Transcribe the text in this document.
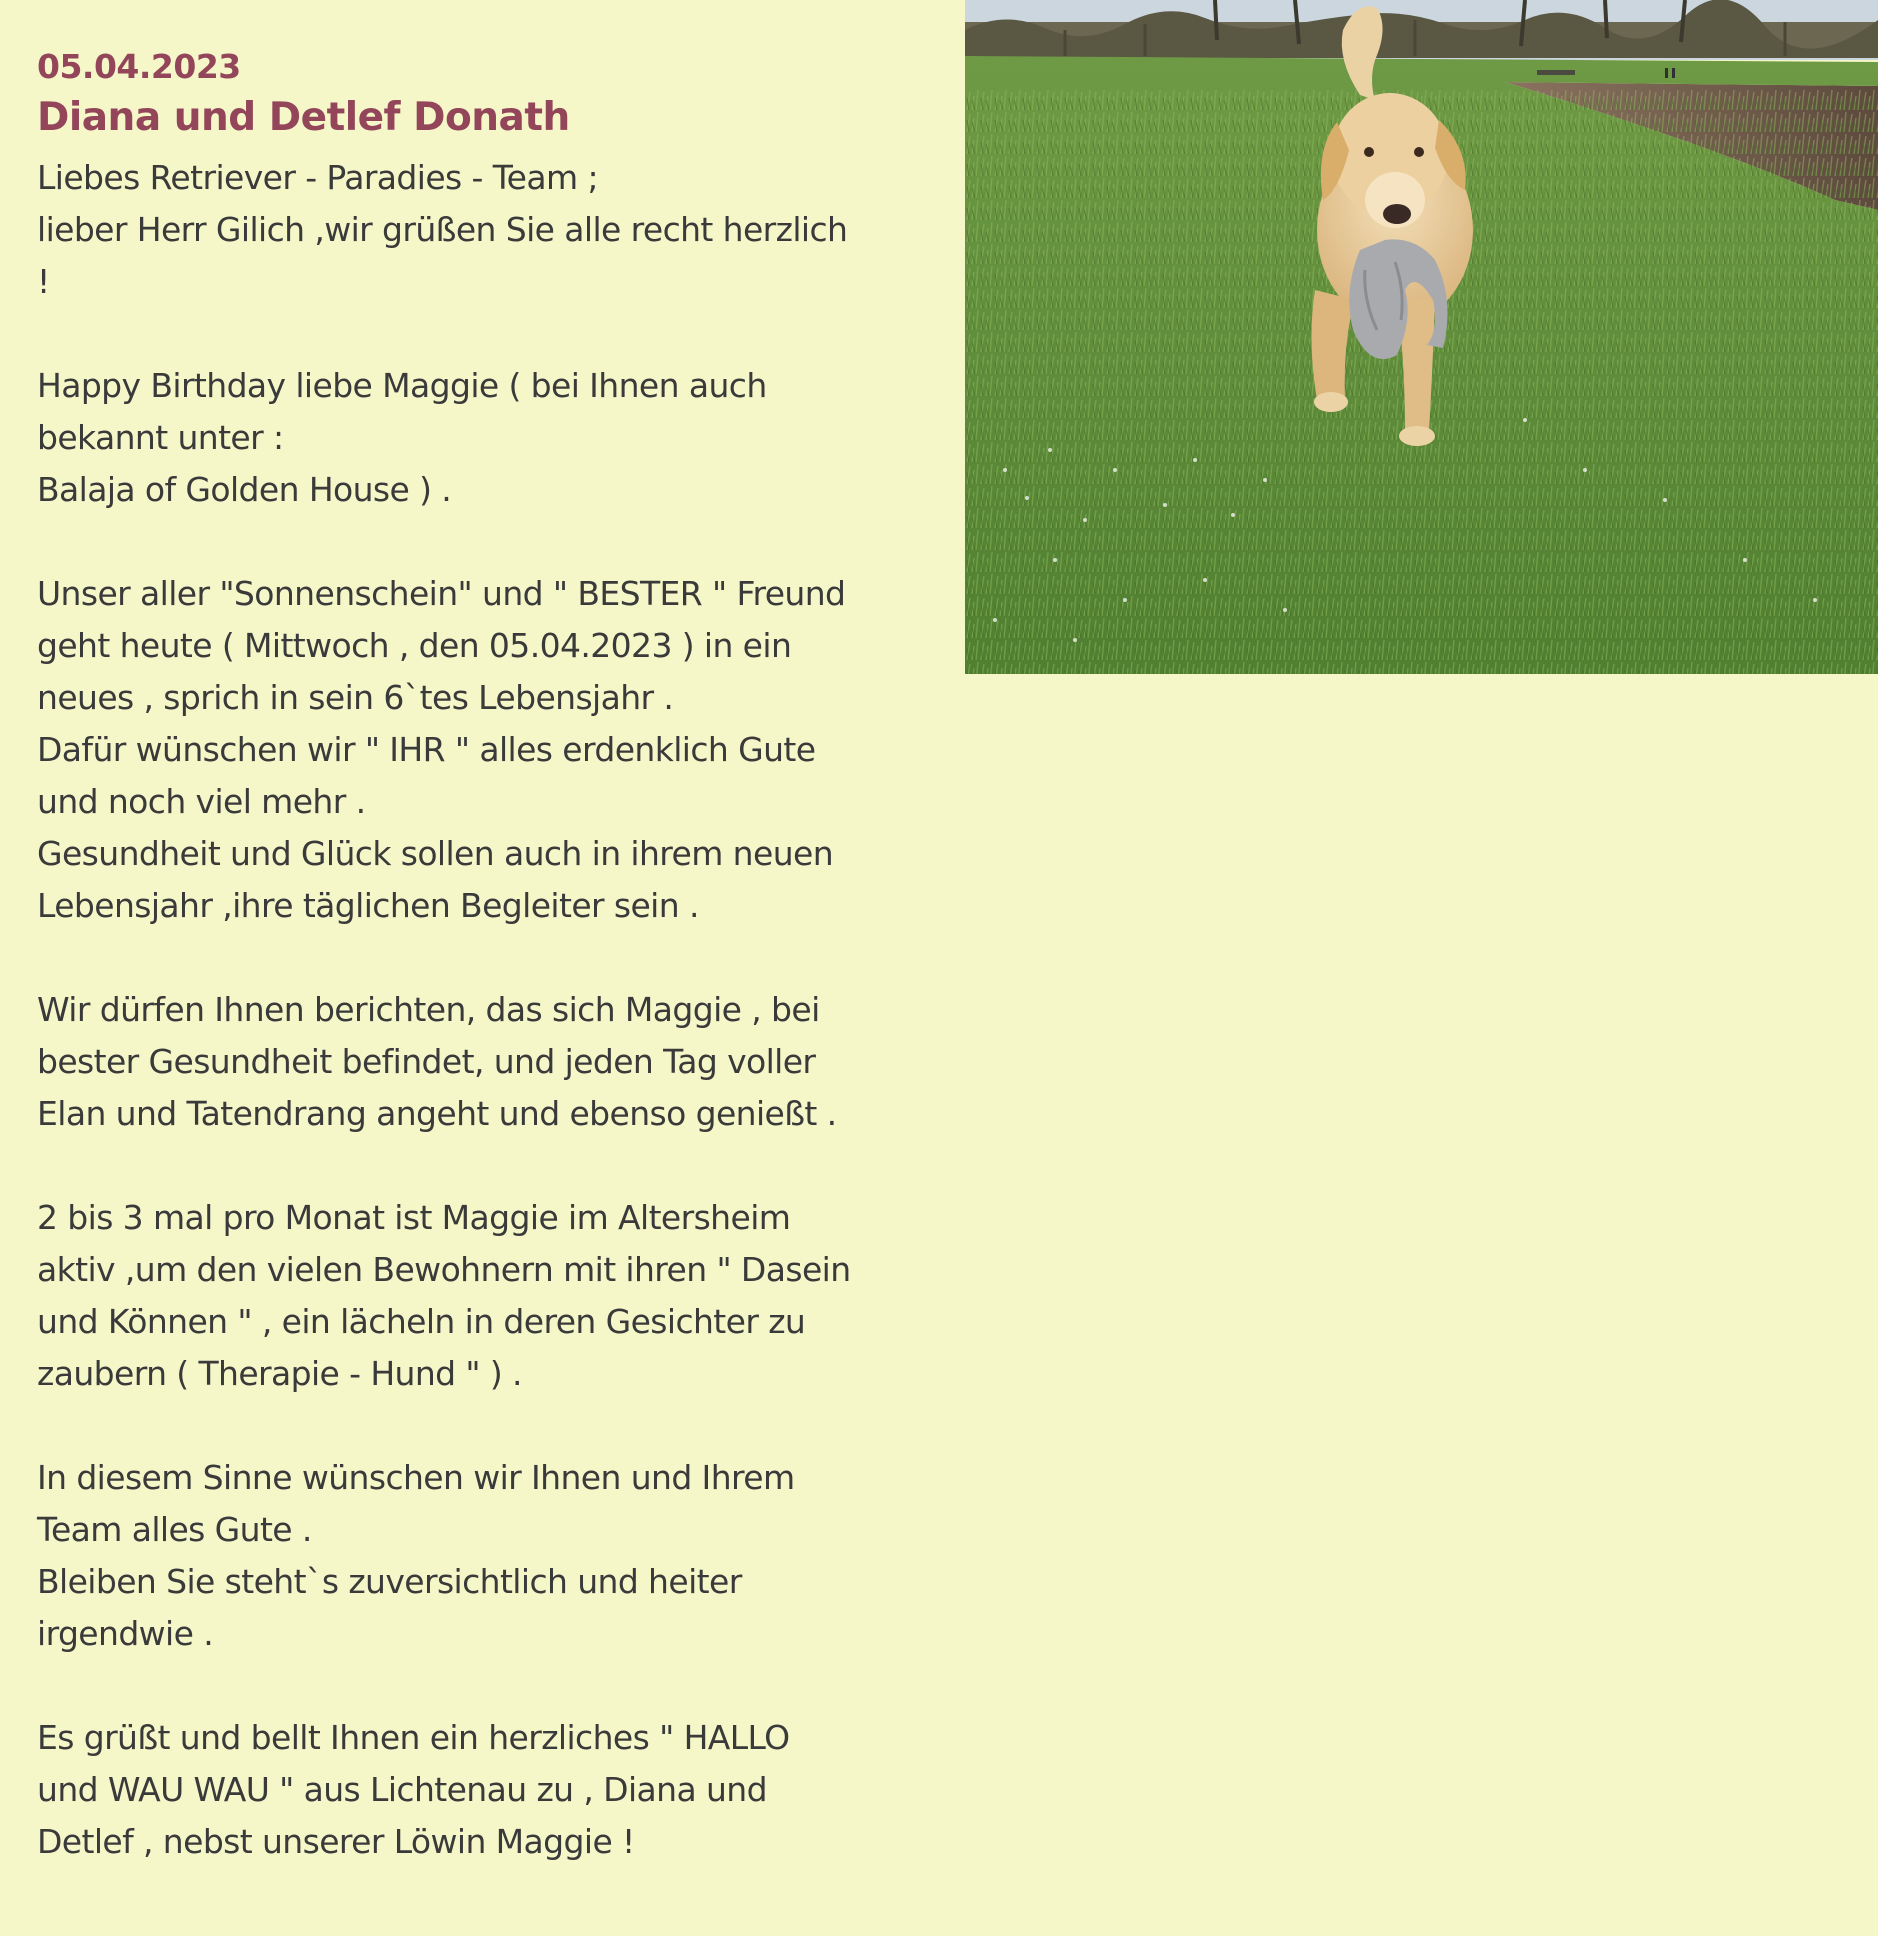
05.04.2023
Diana und Detlef Donath

Liebes Retriever - Paradies - Team ;
lieber Herr Gilich ,wir grüßen Sie alle recht herzlich
!

Happy Birthday liebe Maggie ( bei Ihnen auch
bekannt unter :
Balaja of Golden House ) .

Unser aller "Sonnenschein" und " BESTER " Freund
geht heute ( Mittwoch , den 05.04.2023 ) in ein
neues , sprich in sein 6`tes Lebensjahr .
Dafür wünschen wir " IHR " alles erdenklich Gute
und noch viel mehr .
Gesundheit und Glück sollen auch in ihrem neuen
Lebensjahr ,ihre täglichen Begleiter sein .

Wir dürfen Ihnen berichten, das sich Maggie , bei
bester Gesundheit befindet, und jeden Tag voller
Elan und Tatendrang angeht und ebenso genießt .

2 bis 3 mal pro Monat ist Maggie im Altersheim
aktiv ,um den vielen Bewohnern mit ihren " Dasein
und Können " , ein lächeln in deren Gesichter zu
zaubern ( Therapie - Hund " ) .

In diesem Sinne wünschen wir Ihnen und Ihrem
Team alles Gute .
Bleiben Sie steht`s zuversichtlich und heiter
irgendwie .

Es grüßt und bellt Ihnen ein herzliches " HALLO
und WAU WAU " aus Lichtenau zu , Diana und
Detlef , nebst unserer Löwin Maggie !
